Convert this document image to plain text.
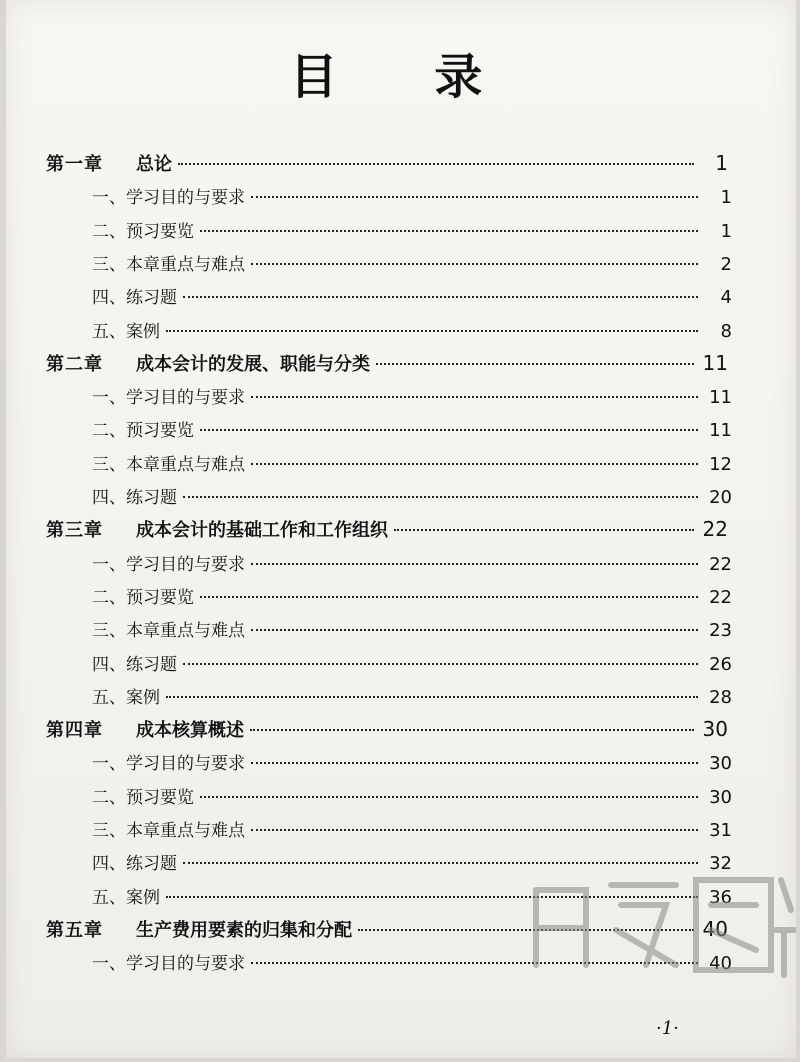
目 录
第一章	总论	1
一、学习目的与要求	1
二、预习要览	1
三、本章重点与难点	2
四、练习题	4
五、案例	8
第二章	成本会计的发展、职能与分类	11
一、学习目的与要求	11
二、预习要览	11
三、本章重点与难点	12
四、练习题	20
第三章	成本会计的基础工作和工作组织	22
一、学习目的与要求	22
二、预习要览	22
三、本章重点与难点	23
四、练习题	26
五、案例	28
第四章	成本核算概述	30
一、学习目的与要求	30
二、预习要览	30
三、本章重点与难点	31
四、练习题	32
五、案例	36
第五章	生产费用要素的归集和分配	40
一、学习目的与要求	40
·1·
